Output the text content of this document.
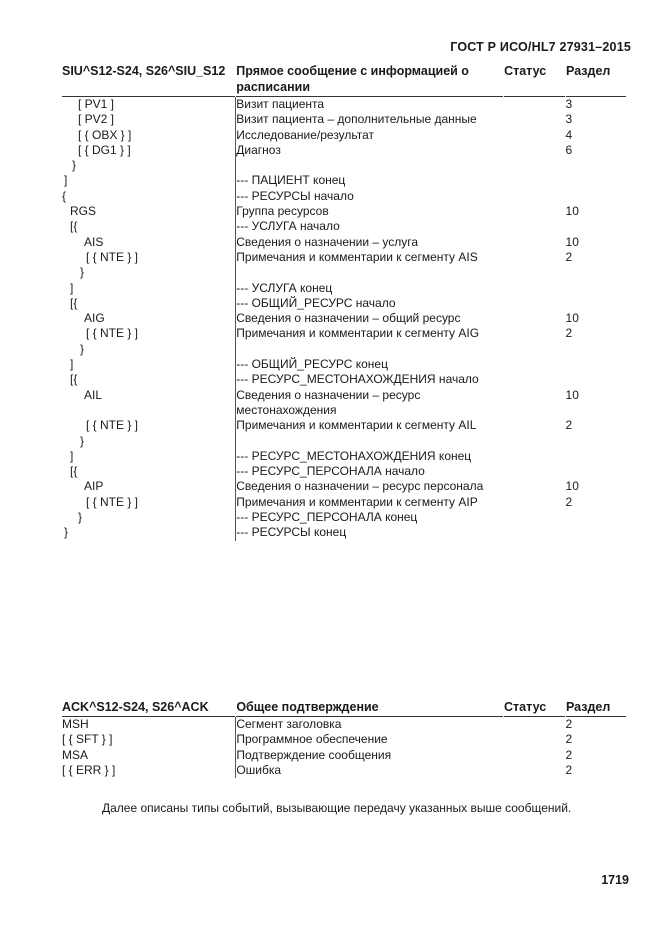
ГОСТ Р ИСО/HL7 27931–2015
SIU^S12-S24, S26^SIU_S12	Прямое сообщение с информацией о расписании	Статус	Раздел
[ PV1 ]	Визит пациента		3
[ PV2 ]	Визит пациента – дополнительные данные		3
[ { OBX } ]	Исследование/результат		4
[ { DG1 } ]	Диагноз		6
}			
]	--- ПАЦИЕНТ конец		
{	--- РЕСУРСЫ начало		
RGS	Группа ресурсов		10
[{	--- УСЛУГА начало		
AIS	Сведения о назначении – услуга		10
[ { NTE } ]	Примечания и комментарии к сегменту AIS		2
}			
]	--- УСЛУГА конец		
[{	--- ОБЩИЙ_РЕСУРС начало		
AIG	Сведения о назначении – общий ресурс		10
[ { NTE } ]	Примечания и комментарии к сегменту AIG		2
}			
]	--- ОБЩИЙ_РЕСУРС конец		
[{	--- РЕСУРС_МЕСТОНАХОЖДЕНИЯ начало		
AIL	Сведения о назначении – ресурс местонахождения		10
[ { NTE } ]	Примечания и комментарии к сегменту AIL		2
}			
]	--- РЕСУРС_МЕСТОНАХОЖДЕНИЯ конец		
[{	--- РЕСУРС_ПЕРСОНАЛА начало		
AIP	Сведения о назначении – ресурс персонала		10
[ { NTE } ]	Примечания и комментарии к сегменту AIP		2
}	--- РЕСУРС_ПЕРСОНАЛА конец		
}	--- РЕСУРСЫ конец		
ACK^S12-S24, S26^ACK	Общее подтверждение	Статус	Раздел
MSH	Сегмент заголовка		2
[ { SFT } ]	Программное обеспечение		2
MSA	Подтверждение сообщения		2
[ { ERR } ]	Ошибка		2
Далее описаны типы событий, вызывающие передачу указанных выше сообщений.
1719
